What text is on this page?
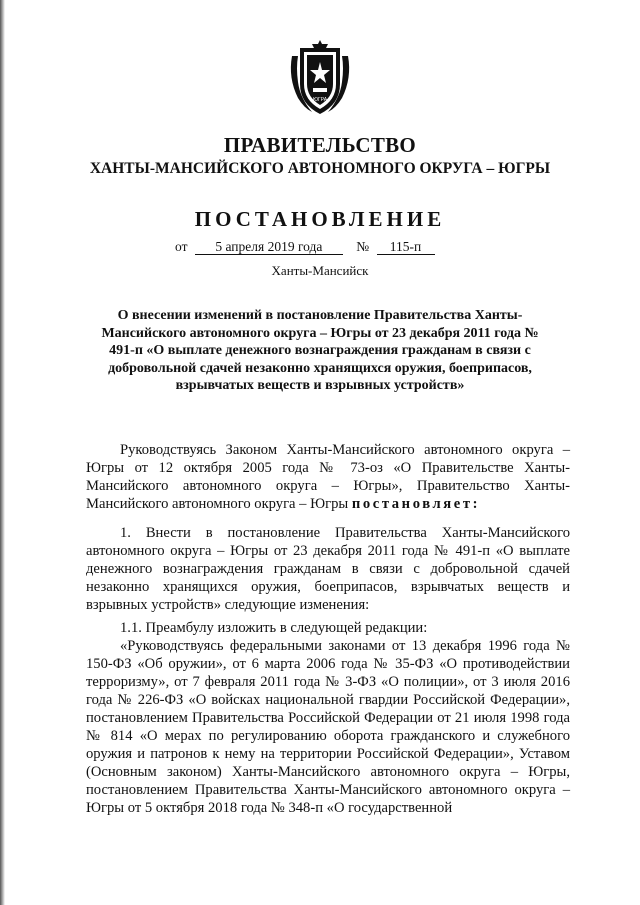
ЮГРА
ПРАВИТЕЛЬСТВО
ХАНТЫ-МАНСИЙСКОГО АВТОНОМНОГО ОКРУГА – ЮГРЫ
ПОСТАНОВЛЕНИЕ
от 5 апреля 2019 года	№ 115-п
Ханты-Мансийск
О внесении изменений в постановление Правительства Ханты-Мансийского автономного округа – Югры от 23 декабря 2011 года № 491-п «О выплате денежного вознаграждения гражданам в связи с добровольной сдачей незаконно хранящихся оружия, боеприпасов, взрывчатых веществ и взрывных устройств»
Руководствуясь Законом Ханты-Мансийского автономного округа – Югры от 12 октября 2005 года № 73-оз «О Правительстве Ханты-Мансийского автономного округа – Югры», Правительство Ханты-Мансийского автономного округа – Югры постановляет:
1. Внести в постановление Правительства Ханты-Мансийского автономного округа – Югры от 23 декабря 2011 года № 491-п «О выплате денежного вознаграждения гражданам в связи с добровольной сдачей незаконно хранящихся оружия, боеприпасов, взрывчатых веществ и взрывных устройств» следующие изменения:
1.1. Преамбулу изложить в следующей редакции:
«Руководствуясь федеральными законами от 13 декабря 1996 года № 150-ФЗ «Об оружии», от 6 марта 2006 года № 35-ФЗ «О противодействии терроризму», от 7 февраля 2011 года № 3-ФЗ «О полиции», от 3 июля 2016 года № 226-ФЗ «О войсках национальной гвардии Российской Федерации», постановлением Правительства Российской Федерации от 21 июля 1998 года № 814 «О мерах по регулированию оборота гражданского и служебного оружия и патронов к нему на территории Российской Федерации», Уставом (Основным законом) Ханты-Мансийского автономного округа – Югры, постановлением Правительства Ханты-Мансийского автономного округа – Югры от 5 октября 2018 года № 348-п «О государственной
